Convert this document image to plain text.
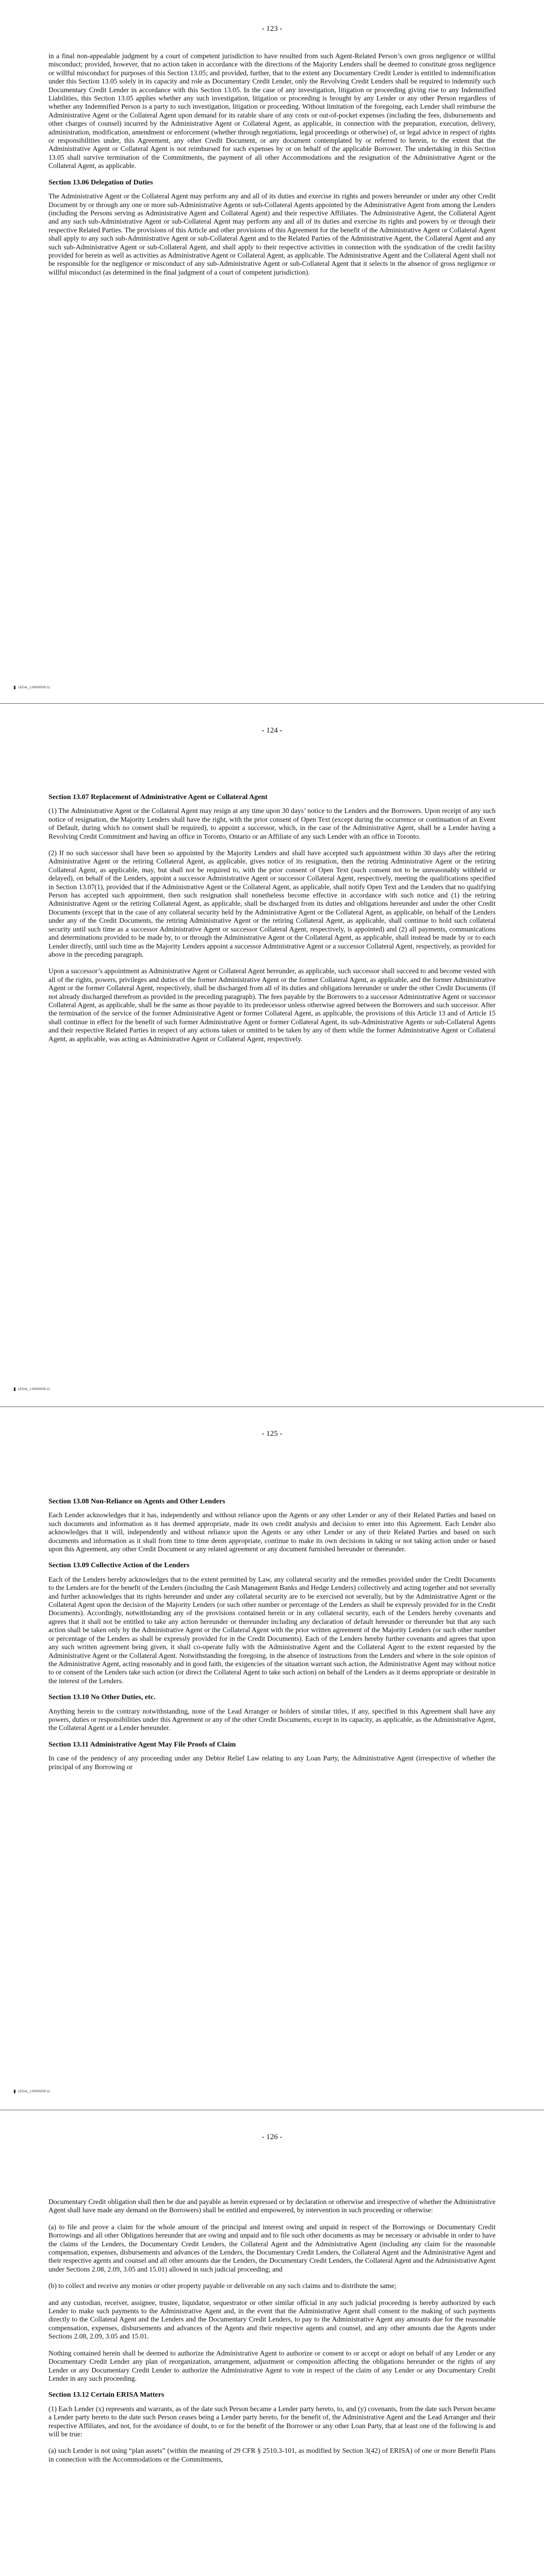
- 123 -

in a final non-appealable judgment by a court of competent jurisdiction to have resulted from such Agent-Related Person’s own gross negligence or willful misconduct; provided, however, that no action taken in accordance with the directions of the Majority Lenders shall be deemed to constitute gross negligence or willful misconduct for purposes of this Section 13.05; and provided, further, that to the extent any Documentary Credit Lender is entitled to indemnification under this Section 13.05 solely in its capacity and role as Documentary Credit Lender, only the Revolving Credit Lenders shall be required to indemnify such Documentary Credit Lender in accordance with this Section 13.05. In the case of any investigation, litigation or proceeding giving rise to any Indemnified Liabilities, this Section 13.05 applies whether any such investigation, litigation or proceeding is brought by any Lender or any other Person regardless of whether any Indemnified Person is a party to such investigation, litigation or proceeding. Without limitation of the foregoing, each Lender shall reimburse the Administrative Agent or the Collateral Agent upon demand for its ratable share of any costs or out-of-pocket expenses (including the fees, disbursements and other charges of counsel) incurred by the Administrative Agent or Collateral Agent, as applicable, in connection with the preparation, execution, delivery, administration, modification, amendment or enforcement (whether through negotiations, legal proceedings or otherwise) of, or legal advice in respect of rights or responsibilities under, this Agreement, any other Credit Document, or any document contemplated by or referred to herein, to the extent that the Administrative Agent or Collateral Agent is not reimbursed for such expenses by or on behalf of the applicable Borrower. The undertaking in this Section 13.05 shall survive termination of the Commitments, the payment of all other Accommodations and the resignation of the Administrative Agent or the Collateral Agent, as applicable.

Section 13.06 Delegation of Duties

The Administrative Agent or the Collateral Agent may perform any and all of its duties and exercise its rights and powers hereunder or under any other Credit Document by or through any one or more sub-Administrative Agents or sub-Collateral Agents appointed by the Administrative Agent from among the Lenders (including the Persons serving as Administrative Agent and Collateral Agent) and their respective Affiliates. The Administrative Agent, the Collateral Agent and any such sub-Administrative Agent or sub-Collateral Agent may perform any and all of its duties and exercise its rights and powers by or through their respective Related Parties. The provisions of this Article and other provisions of this Agreement for the benefit of the Administrative Agent or Collateral Agent shall apply to any such sub-Administrative Agent or sub-Collateral Agent and to the Related Parties of the Administrative Agent, the Collateral Agent and any such sub-Administrative Agent or sub-Collateral Agent, and shall apply to their respective activities in connection with the syndication of the credit facility provided for herein as well as activities as Administrative Agent or Collateral Agent, as applicable. The Administrative Agent and the Collateral Agent shall not be responsible for the negligence or misconduct of any sub-Administrative Agent or sub-Collateral Agent that it selects in the absence of gross negligence or willful misconduct (as determined in the final judgment of a court of competent jurisdiction).

▮ LEGAL_1:80000000.11
- 124 -
Section 13.07 Replacement of Administrative Agent or Collateral Agent

(1) The Administrative Agent or the Collateral Agent may resign at any time upon 30 days’ notice to the Lenders and the Borrowers. Upon receipt of any such notice of resignation, the Majority Lenders shall have the right, with the prior consent of Open Text (except during the occurrence or continuation of an Event of Default, during which no consent shall be required), to appoint a successor, which, in the case of the Administrative Agent, shall be a Lender having a Revolving Credit Commitment and having an office in Toronto, Ontario or an Affiliate of any such Lender with an office in Toronto.

(2) If no such successor shall have been so appointed by the Majority Lenders and shall have accepted such appointment within 30 days after the retiring Administrative Agent or the retiring Collateral Agent, as applicable, gives notice of its resignation, then the retiring Administrative Agent or the retiring Collateral Agent, as applicable, may, but shall not be required to, with the prior consent of Open Text (such consent not to be unreasonably withheld or delayed), on behalf of the Lenders, appoint a successor Administrative Agent or successor Collateral Agent, respectively, meeting the qualifications specified in Section 13.07(1), provided that if the Administrative Agent or the Collateral Agent, as applicable, shall notify Open Text and the Lenders that no qualifying Person has accepted such appointment, then such resignation shall nonetheless become effective in accordance with such notice and (1) the retiring Administrative Agent or the retiring Collateral Agent, as applicable, shall be discharged from its duties and obligations hereunder and under the other Credit Documents (except that in the case of any collateral security held by the Administrative Agent or the Collateral Agent, as applicable, on behalf of the Lenders under any of the Credit Documents, the retiring Administrative Agent or the retiring Collateral Agent, as applicable, shall continue to hold such collateral security until such time as a successor Administrative Agent or successor Collateral Agent, respectively, is appointed) and (2) all payments, communications and determinations provided to be made by, to or through the Administrative Agent or the Collateral Agent, as applicable, shall instead be made by or to each Lender directly, until such time as the Majority Lenders appoint a successor Administrative Agent or a successor Collateral Agent, respectively, as provided for above in the preceding paragraph.

Upon a successor’s appointment as Administrative Agent or Collateral Agent hereunder, as applicable, such successor shall succeed to and become vested with all of the rights, powers, privileges and duties of the former Administrative Agent or the former Collateral Agent, as applicable, and the former Administrative Agent or the former Collateral Agent, respectively, shall be discharged from all of its duties and obligations hereunder or under the other Credit Documents (if not already discharged therefrom as provided in the preceding paragraph). The fees payable by the Borrowers to a successor Administrative Agent or successor Collateral Agent, as applicable, shall be the same as those payable to its predecessor unless otherwise agreed between the Borrowers and such successor. After the termination of the service of the former Administrative Agent or former Collateral Agent, as applicable, the provisions of this Article 13 and of Article 15 shall continue in effect for the benefit of such former Administrative Agent or former Collateral Agent, its sub-Administrative Agents or sub-Collateral Agents and their respective Related Parties in respect of any actions taken or omitted to be taken by any of them while the former Administrative Agent or Collateral Agent, as applicable, was acting as Administrative Agent or Collateral Agent, respectively.

▮ LEGAL_1:80000000.11
- 125 -
Section 13.08 Non-Reliance on Agents and Other Lenders

Each Lender acknowledges that it has, independently and without reliance upon the Agents or any other Lender or any of their Related Parties and based on such documents and information as it has deemed appropriate, made its own credit analysis and decision to enter into this Agreement. Each Lender also acknowledges that it will, independently and without reliance upon the Agents or any other Lender or any of their Related Parties and based on such documents and information as it shall from time to time deem appropriate, continue to make its own decisions in taking or not taking action under or based upon this Agreement, any other Credit Document or any related agreement or any document furnished hereunder or thereunder.

Section 13.09 Collective Action of the Lenders

Each of the Lenders hereby acknowledges that to the extent permitted by Law, any collateral security and the remedies provided under the Credit Documents to the Lenders are for the benefit of the Lenders (including the Cash Management Banks and Hedge Lenders) collectively and acting together and not severally and further acknowledges that its rights hereunder and under any collateral security are to be exercised not severally, but by the Administrative Agent or the Collateral Agent upon the decision of the Majority Lenders (or such other number or percentage of the Lenders as shall be expressly provided for in the Credit Documents). Accordingly, notwithstanding any of the provisions contained herein or in any collateral security, each of the Lenders hereby covenants and agrees that it shall not be entitled to take any action hereunder or thereunder including any declaration of default hereunder or thereunder but that any such action shall be taken only by the Administrative Agent or the Collateral Agent with the prior written agreement of the Majority Lenders (or such other number or percentage of the Lenders as shall be expressly provided for in the Credit Documents). Each of the Lenders hereby further covenants and agrees that upon any such written agreement being given, it shall co-operate fully with the Administrative Agent and the Collateral Agent to the extent requested by the Administrative Agent or the Collateral Agent. Notwithstanding the foregoing, in the absence of instructions from the Lenders and where in the sole opinion of the Administrative Agent, acting reasonably and in good faith, the exigencies of the situation warrant such action, the Administrative Agent may without notice to or consent of the Lenders take such action (or direct the Collateral Agent to take such action) on behalf of the Lenders as it deems appropriate or desirable in the interest of the Lenders.

Section 13.10 No Other Duties, etc.

Anything herein to the contrary notwithstanding, none of the Lead Arranger or holders of similar titles, if any, specified in this Agreement shall have any powers, duties or responsibilities under this Agreement or any of the other Credit Documents, except in its capacity, as applicable, as the Administrative Agent, the Collateral Agent or a Lender hereunder.

Section 13.11 Administrative Agent May File Proofs of Claim

In case of the pendency of any proceeding under any Debtor Relief Law relating to any Loan Party, the Administrative Agent (irrespective of whether the principal of any Borrowing or

▮ LEGAL_1:80000000.11
- 126 -

Documentary Credit obligation shall then be due and payable as herein expressed or by declaration or otherwise and irrespective of whether the Administrative Agent shall have made any demand on the Borrowers) shall be entitled and empowered, by intervention in such proceeding or otherwise:

(a) to file and prove a claim for the whole amount of the principal and interest owing and unpaid in respect of the Borrowings or Documentary Credit Borrowings and all other Obligations hereunder that are owing and unpaid and to file such other documents as may be necessary or advisable in order to have the claims of the Lenders, the Documentary Credit Lenders, the Collateral Agent and the Administrative Agent (including any claim for the reasonable compensation, expenses, disbursements and advances of the Lenders, the Documentary Credit Lenders, the Collateral Agent and the Administrative Agent and their respective agents and counsel and all other amounts due the Lenders, the Documentary Credit Lenders, the Collateral Agent and the Administrative Agent under Sections 2.08, 2.09, 3.05 and 15.01) allowed in such judicial proceeding; and

(b) to collect and receive any monies or other property payable or deliverable on any such claims and to distribute the same;

and any custodian, receiver, assignee, trustee, liquidator, sequestrator or other similar official in any such judicial proceeding is hereby authorized by each Lender to make such payments to the Administrative Agent and, in the event that the Administrative Agent shall consent to the making of such payments directly to the Collateral Agent and the Lenders and the Documentary Credit Lenders, to pay to the Administrative Agent any amounts due for the reasonable compensation, expenses, disbursements and advances of the Agents and their respective agents and counsel, and any other amounts due the Agents under Sections 2.08, 2.09, 3.05 and 15.01.

Nothing contained herein shall be deemed to authorize the Administrative Agent to authorize or consent to or accept or adopt on behalf of any Lender or any Documentary Credit Lender any plan of reorganization, arrangement, adjustment or composition affecting the obligations hereunder or the rights of any Lender or any Documentary Credit Lender to authorize the Administrative Agent to vote in respect of the claim of any Lender or any Documentary Credit Lender in any such proceeding.

Section 13.12 Certain ERISA Matters

(1) Each Lender (x) represents and warrants, as of the date such Person became a Lender party hereto, to, and (y) covenants, from the date such Person became a Lender party hereto to the date such Person ceases being a Lender party hereto, for the benefit of, the Administrative Agent and the Lead Arranger and their respective Affiliates, and not, for the avoidance of doubt, to or for the benefit of the Borrower or any other Loan Party, that at least one of the following is and will be true:

(a) such Lender is not using “plan assets” (within the meaning of 29 CFR § 2510.3-101, as modified by Section 3(42) of ERISA) of one or more Benefit Plans in connection with the Accommodations or the Commitments,
